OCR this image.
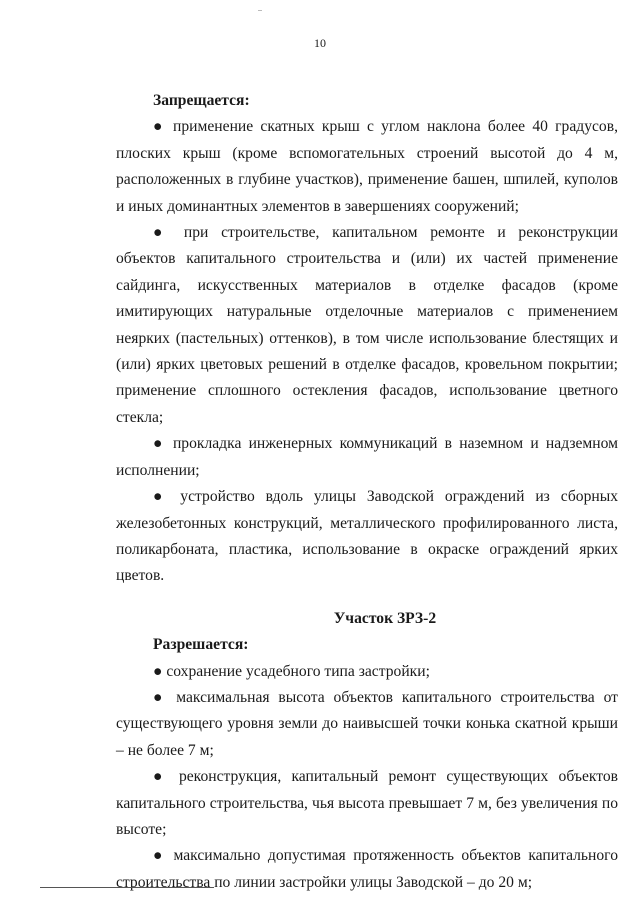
10

Запрещается:

● применение скатных крыш с углом наклона более 40 градусов, плоских крыш (кроме вспомогательных строений высотой до 4 м, расположенных в глубине участков), применение башен, шпилей, куполов и иных доминантных элементов в завершениях сооружений;

● при строительстве, капитальном ремонте и реконструкции объектов капитального строительства и (или) их частей применение сайдинга, искусственных материалов в отделке фасадов (кроме имитирующих натуральные отделочные материалов с применением неярких (пастельных) оттенков), в том числе использование блестящих и (или) ярких цветовых решений в отделке фасадов, кровельном покрытии; применение сплошного остекления фасадов, использование цветного стекла;

● прокладка инженерных коммуникаций в наземном и надземном исполнении;

● устройство вдоль улицы Заводской ограждений из сборных железобетонных конструкций, металлического профилированного листа, поликарбоната, пластика, использование в окраске ограждений ярких цветов.

Участок ЗРЗ-2

Разрешается:

● сохранение усадебного типа застройки;

● максимальная высота объектов капитального строительства от существующего уровня земли до наивысшей точки конька скатной крыши – не более 7 м;

● реконструкция, капитальный ремонт существующих объектов капитального строительства, чья высота превышает 7 м, без увеличения по высоте;

● максимально допустимая протяженность объектов капитального строительства по линии застройки улицы Заводской – до 20 м;
